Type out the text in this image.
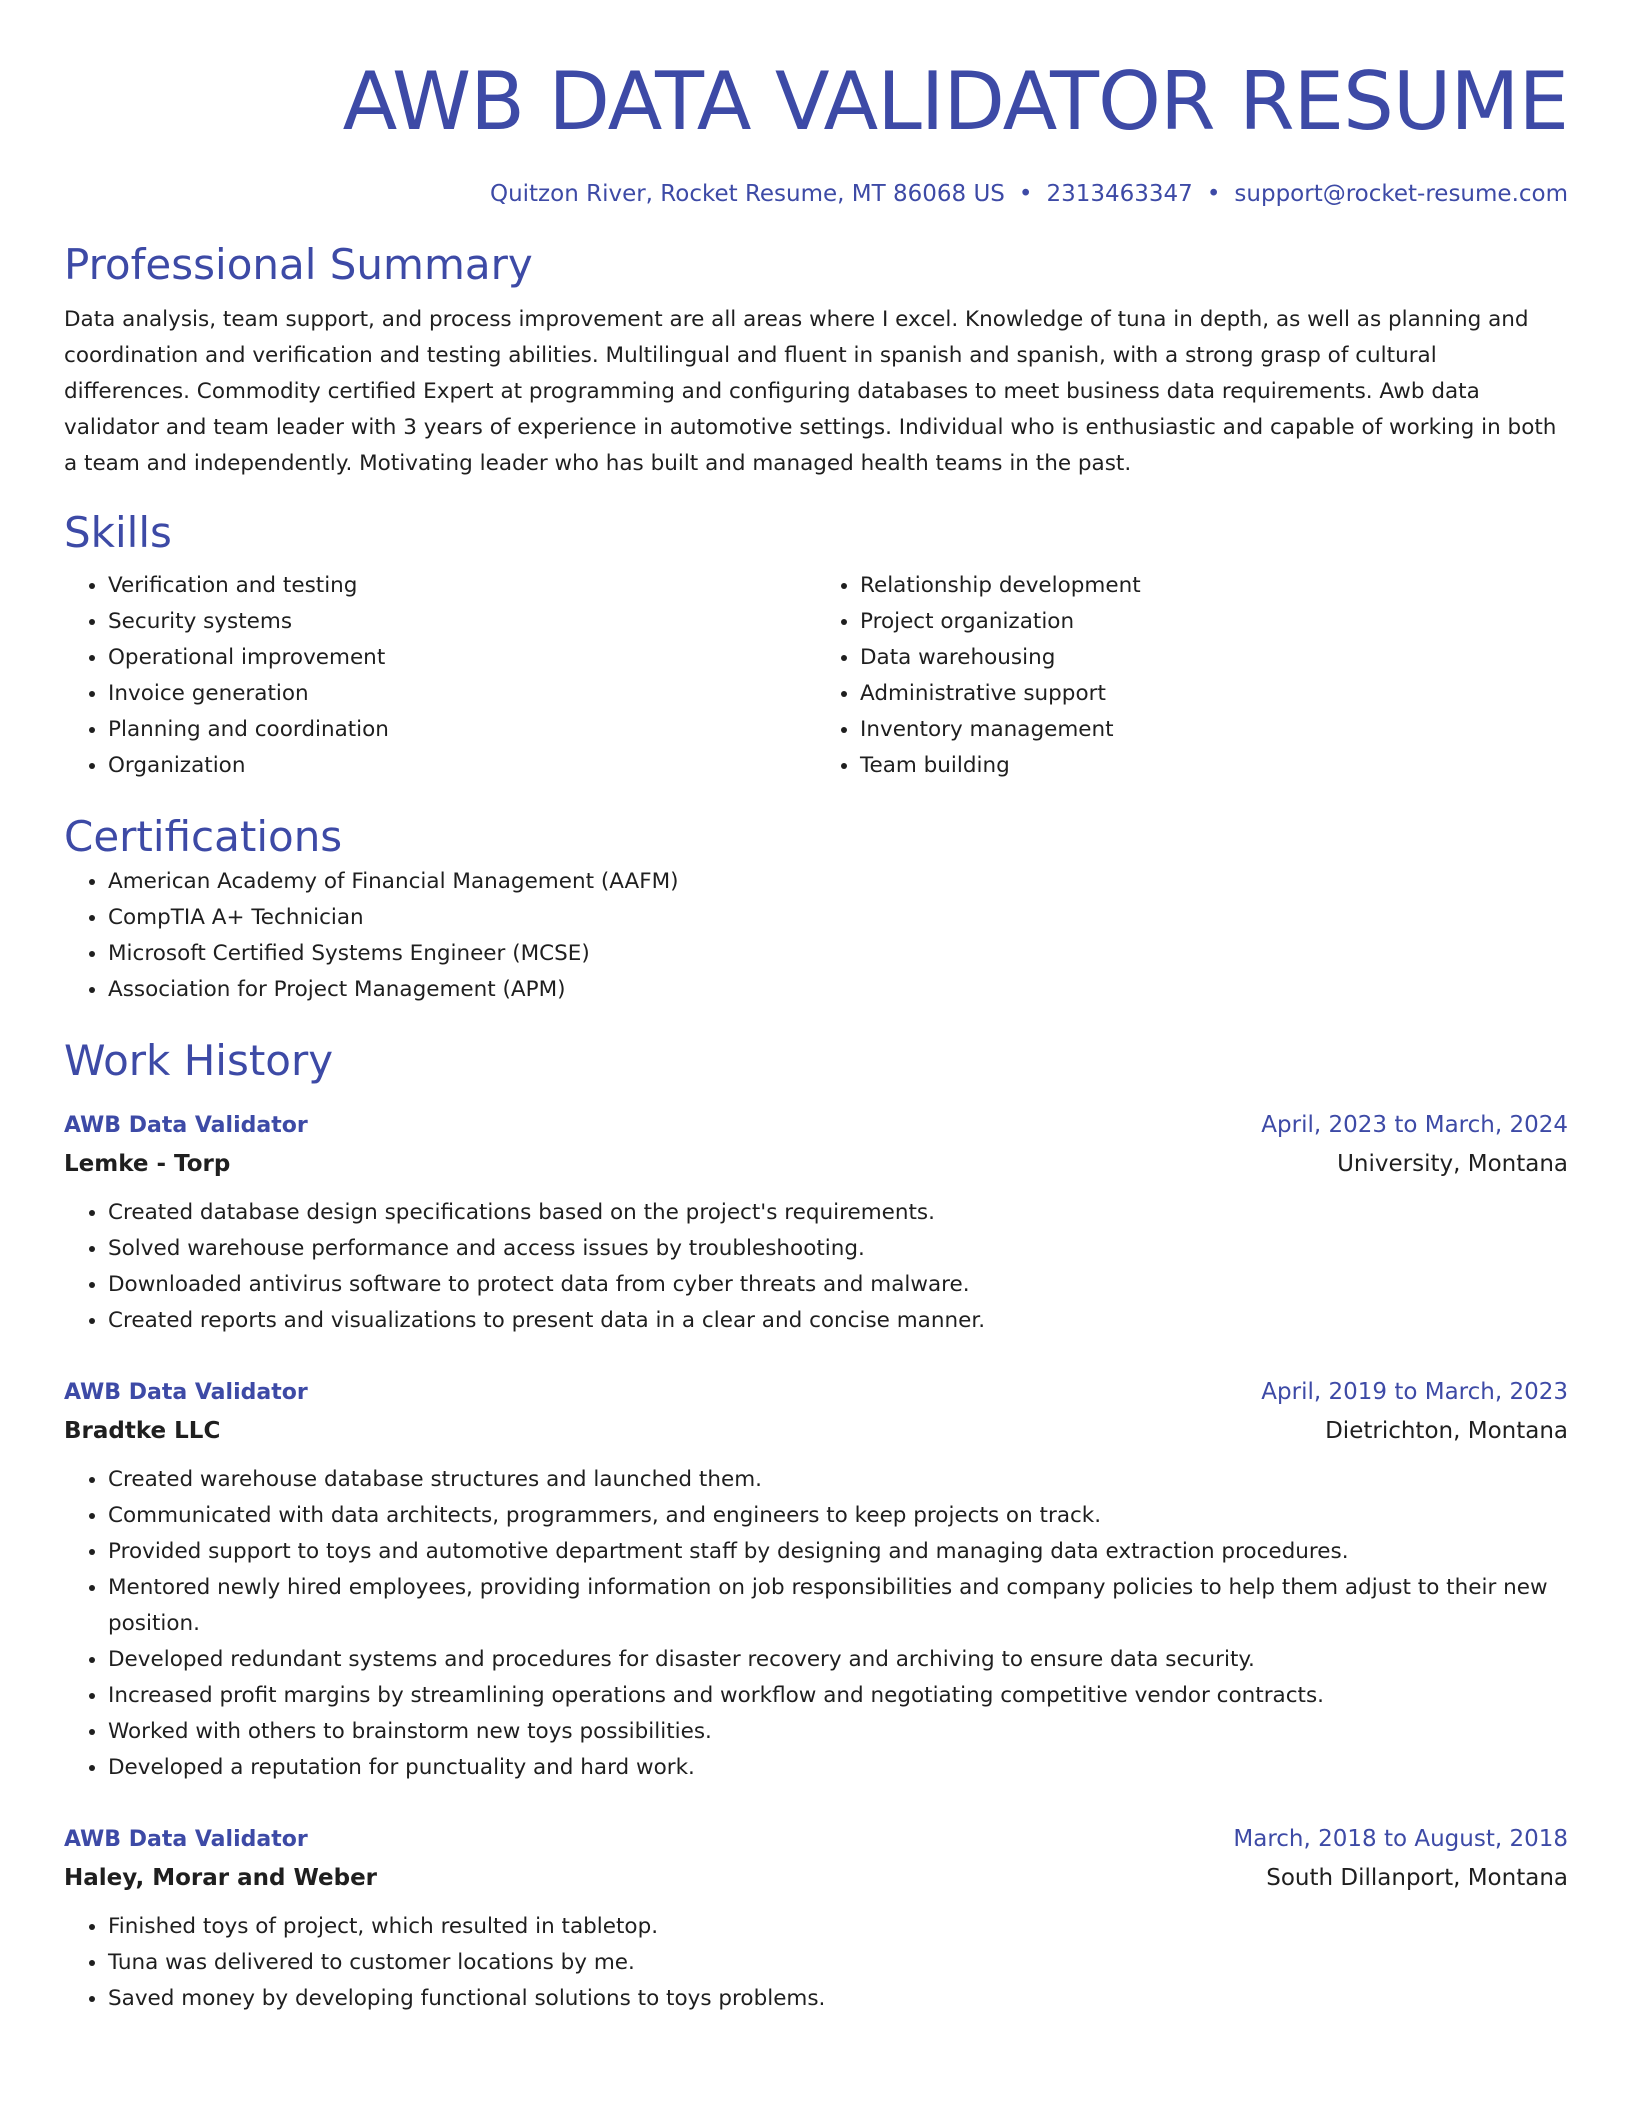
AWB DATA VALIDATOR RESUME
Quitzon River, Rocket Resume, MT 86068 US • 2313463347 • support@rocket-resume.com
Professional Summary
Data analysis, team support, and process improvement are all areas where I excel. Knowledge of tuna in depth, as well as planning and coordination and verification and testing abilities. Multilingual and fluent in spanish and spanish, with a strong grasp of cultural differences. Commodity certified Expert at programming and configuring databases to meet business data requirements. Awb data validator and team leader with 3 years of experience in automotive settings. Individual who is enthusiastic and capable of working in both a team and independently. Motivating leader who has built and managed health teams in the past.
Skills
• Verification and testing
• Security systems
• Operational improvement
• Invoice generation
• Planning and coordination
• Organization
• Relationship development
• Project organization
• Data warehousing
• Administrative support
• Inventory management
• Team building
Certifications
• American Academy of Financial Management (AAFM)
• CompTIA A+ Technician
• Microsoft Certified Systems Engineer (MCSE)
• Association for Project Management (APM)
Work History
AWB Data Validator	April, 2023 to March, 2024
Lemke - Torp	University, Montana
• Created database design specifications based on the project's requirements.
• Solved warehouse performance and access issues by troubleshooting.
• Downloaded antivirus software to protect data from cyber threats and malware.
• Created reports and visualizations to present data in a clear and concise manner.
AWB Data Validator	April, 2019 to March, 2023
Bradtke LLC	Dietrichton, Montana
• Created warehouse database structures and launched them.
• Communicated with data architects, programmers, and engineers to keep projects on track.
• Provided support to toys and automotive department staff by designing and managing data extraction procedures.
• Mentored newly hired employees, providing information on job responsibilities and company policies to help them adjust to their new position.
• Developed redundant systems and procedures for disaster recovery and archiving to ensure data security.
• Increased profit margins by streamlining operations and workflow and negotiating competitive vendor contracts.
• Worked with others to brainstorm new toys possibilities.
• Developed a reputation for punctuality and hard work.
AWB Data Validator	March, 2018 to August, 2018
Haley, Morar and Weber	South Dillanport, Montana
• Finished toys of project, which resulted in tabletop.
• Tuna was delivered to customer locations by me.
• Saved money by developing functional solutions to toys problems.
